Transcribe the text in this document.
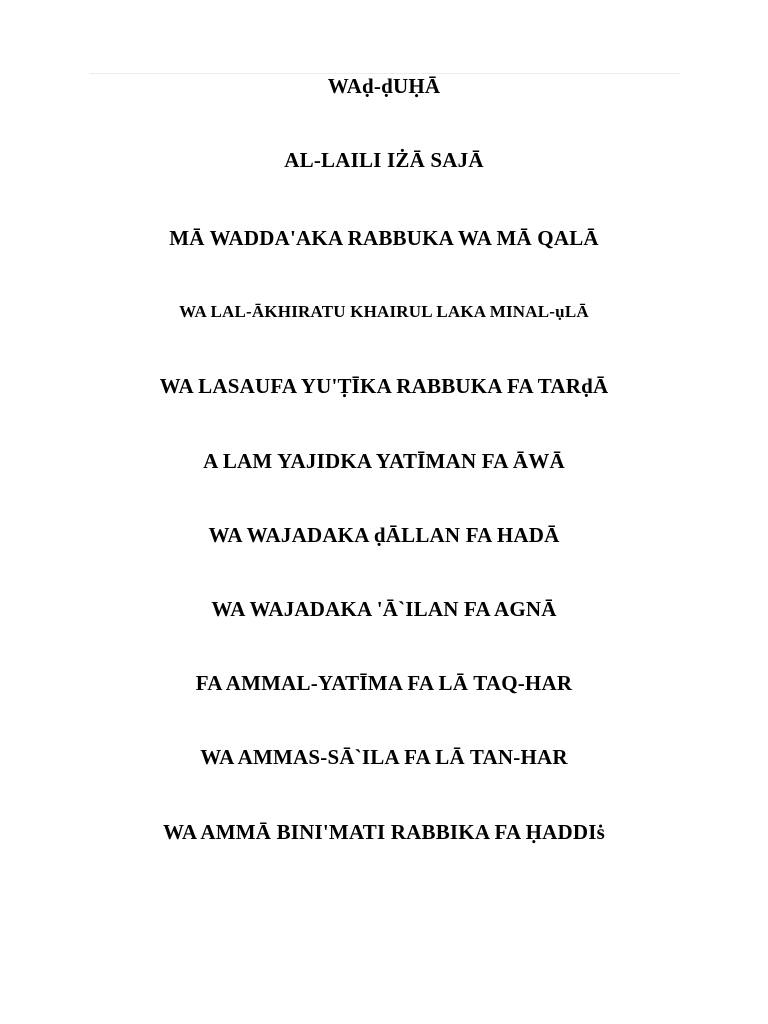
WAḍ-ḍUḤĀ
AL-LAILI IŻĀ SAJĀ
MĀ WADDA'AKA RABBUKA WA MĀ QALĀ
WA LAL-ĀKHIRATU KHAIRUL LAKA MINAL-ụLĀ
WA LASAUFA YU'ṬĪKA RABBUKA FA TARḍĀ
A LAM YAJIDKA YATĪMAN FA ĀWĀ
WA WAJADAKA ḍĀLLAN FA HADĀ
WA WAJADAKA 'Ā`ILAN FA AGNĀ
FA AMMAL-YATĪMA FA LĀ TAQ-HAR
WA AMMAS-SĀ`ILA FA LĀ TAN-HAR
WA AMMĀ BINI'MATI RABBIKA FA ḤADDIṡ
